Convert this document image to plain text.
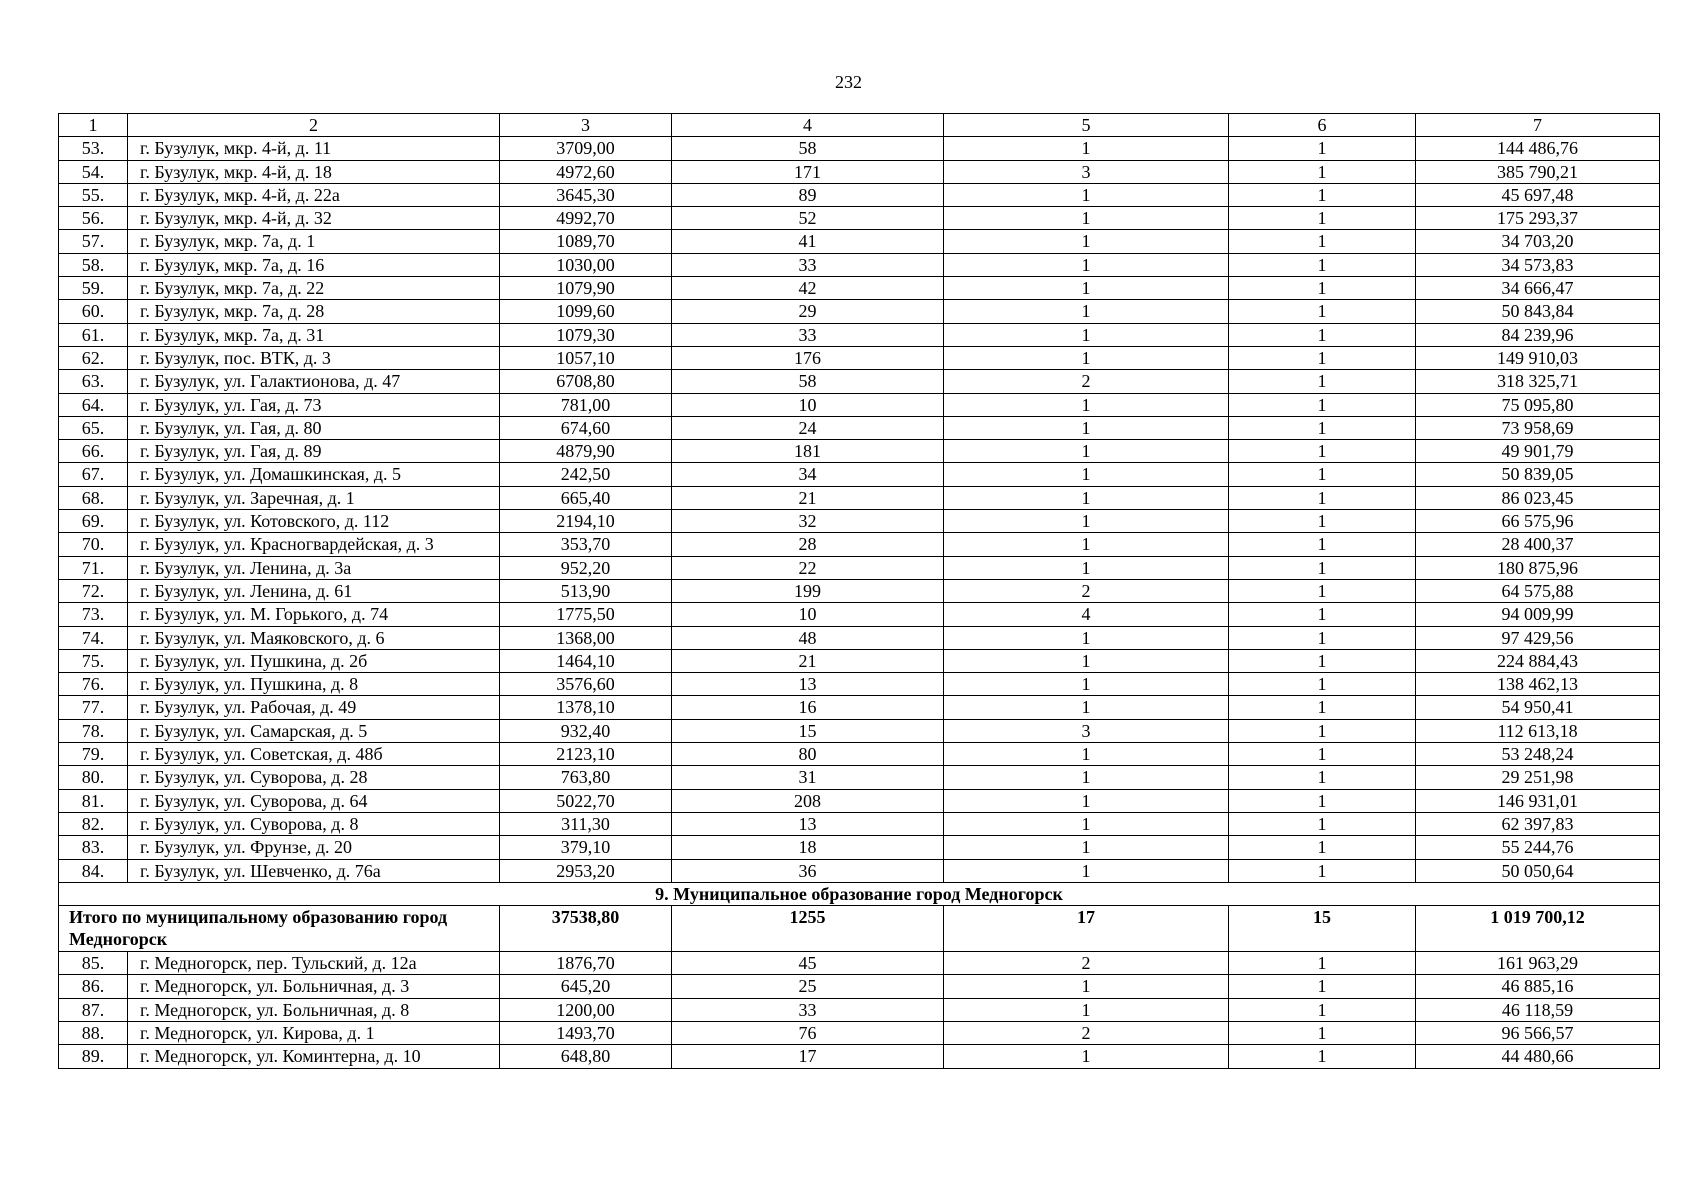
232
1	2	3	4	5	6	7
53.	г. Бузулук, мкр. 4-й, д. 11	3709,00	58	1	1	144 486,76
54.	г. Бузулук, мкр. 4-й, д. 18	4972,60	171	3	1	385 790,21
55.	г. Бузулук, мкр. 4-й, д. 22а	3645,30	89	1	1	45 697,48
56.	г. Бузулук, мкр. 4-й, д. 32	4992,70	52	1	1	175 293,37
57.	г. Бузулук, мкр. 7а, д. 1	1089,70	41	1	1	34 703,20
58.	г. Бузулук, мкр. 7а, д. 16	1030,00	33	1	1	34 573,83
59.	г. Бузулук, мкр. 7а, д. 22	1079,90	42	1	1	34 666,47
60.	г. Бузулук, мкр. 7а, д. 28	1099,60	29	1	1	50 843,84
61.	г. Бузулук, мкр. 7а, д. 31	1079,30	33	1	1	84 239,96
62.	г. Бузулук, пос. ВТК, д. 3	1057,10	176	1	1	149 910,03
63.	г. Бузулук, ул. Галактионова, д. 47	6708,80	58	2	1	318 325,71
64.	г. Бузулук, ул. Гая, д. 73	781,00	10	1	1	75 095,80
65.	г. Бузулук, ул. Гая, д. 80	674,60	24	1	1	73 958,69
66.	г. Бузулук, ул. Гая, д. 89	4879,90	181	1	1	49 901,79
67.	г. Бузулук, ул. Домашкинская, д. 5	242,50	34	1	1	50 839,05
68.	г. Бузулук, ул. Заречная, д. 1	665,40	21	1	1	86 023,45
69.	г. Бузулук, ул. Котовского, д. 112	2194,10	32	1	1	66 575,96
70.	г. Бузулук, ул. Красногвардейская, д. 3	353,70	28	1	1	28 400,37
71.	г. Бузулук, ул. Ленина, д. 3а	952,20	22	1	1	180 875,96
72.	г. Бузулук, ул. Ленина, д. 61	513,90	199	2	1	64 575,88
73.	г. Бузулук, ул. М. Горького, д. 74	1775,50	10	4	1	94 009,99
74.	г. Бузулук, ул. Маяковского, д. 6	1368,00	48	1	1	97 429,56
75.	г. Бузулук, ул. Пушкина, д. 2б	1464,10	21	1	1	224 884,43
76.	г. Бузулук, ул. Пушкина, д. 8	3576,60	13	1	1	138 462,13
77.	г. Бузулук, ул. Рабочая, д. 49	1378,10	16	1	1	54 950,41
78.	г. Бузулук, ул. Самарская, д. 5	932,40	15	3	1	112 613,18
79.	г. Бузулук, ул. Советская, д. 48б	2123,10	80	1	1	53 248,24
80.	г. Бузулук, ул. Суворова, д. 28	763,80	31	1	1	29 251,98
81.	г. Бузулук, ул. Суворова, д. 64	5022,70	208	1	1	146 931,01
82.	г. Бузулук, ул. Суворова, д. 8	311,30	13	1	1	62 397,83
83.	г. Бузулук, ул. Фрунзе, д. 20	379,10	18	1	1	55 244,76
84.	г. Бузулук, ул. Шевченко, д. 76а	2953,20	36	1	1	50 050,64
9. Муниципальное образование город Медногорск						
Итого по муниципальному образованию город Медногорск		37538,80	1255	17	15	1 019 700,12
85.	г. Медногорск, пер. Тульский, д. 12а	1876,70	45	2	1	161 963,29
86.	г. Медногорск, ул. Больничная, д. 3	645,20	25	1	1	46 885,16
87.	г. Медногорск, ул. Больничная, д. 8	1200,00	33	1	1	46 118,59
88.	г. Медногорск, ул. Кирова, д. 1	1493,70	76	2	1	96 566,57
89.	г. Медногорск, ул. Коминтерна, д. 10	648,80	17	1	1	44 480,66
